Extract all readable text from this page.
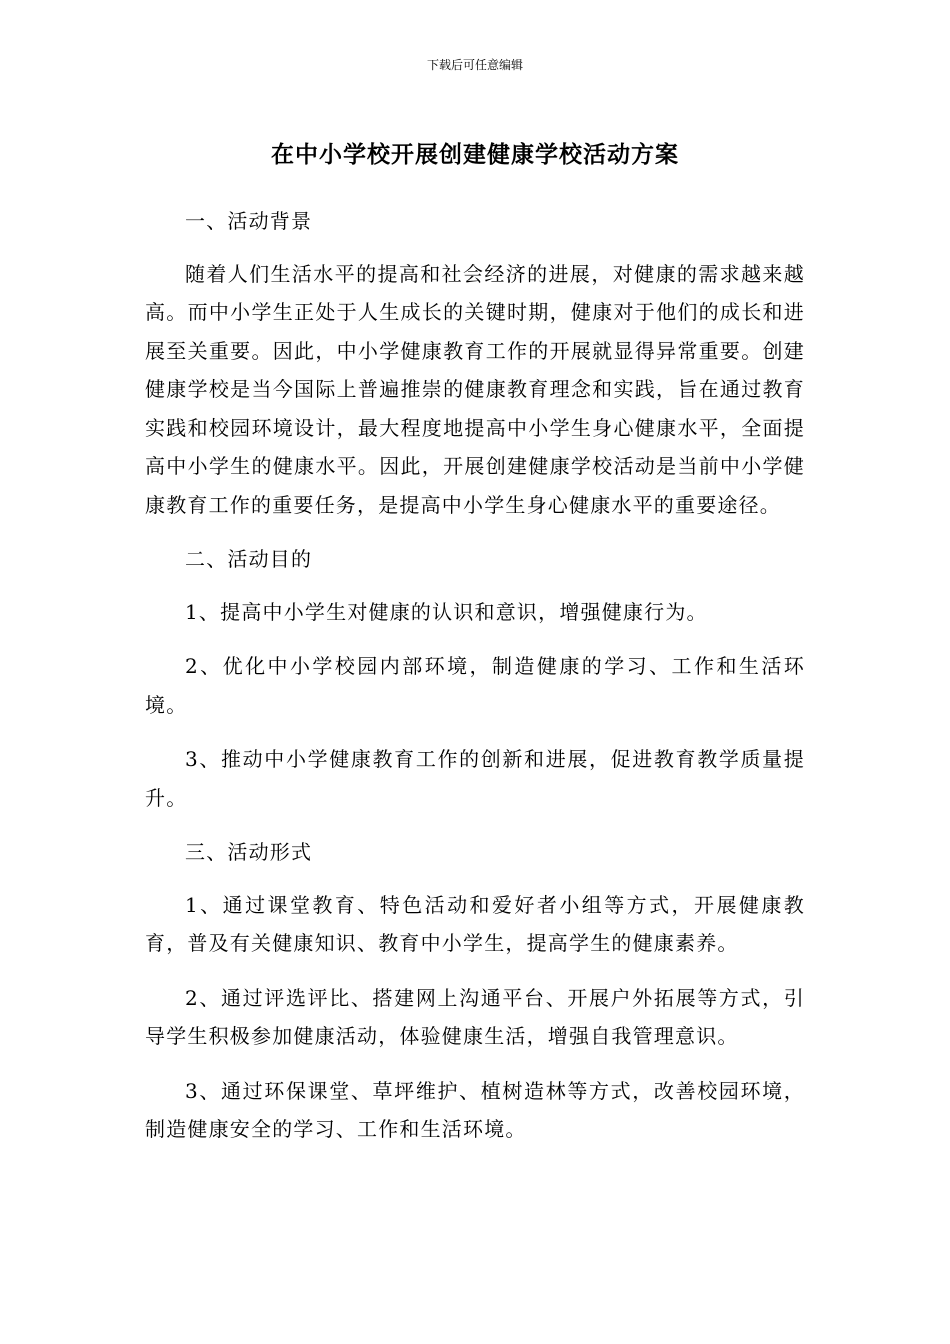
下载后可任意编辑
在中小学校开展创建健康学校活动方案

一、活动背景

随着人们生活水平的提高和社会经济的进展，对健康的需求越来越高。而中小学生正处于人生成长的关键时期，健康对于他们的成长和进展至关重要。因此，中小学健康教育工作的开展就显得异常重要。创建健康学校是当今国际上普遍推崇的健康教育理念和实践，旨在通过教育实践和校园环境设计，最大程度地提高中小学生身心健康水平，全面提高中小学生的健康水平。因此，开展创建健康学校活动是当前中小学健康教育工作的重要任务，是提高中小学生身心健康水平的重要途径。

二、活动目的

1、提高中小学生对健康的认识和意识，增强健康行为。

2、优化中小学校园内部环境，制造健康的学习、工作和生活环境。

3、推动中小学健康教育工作的创新和进展，促进教育教学质量提升。

三、活动形式

1、通过课堂教育、特色活动和爱好者小组等方式，开展健康教育，普及有关健康知识、教育中小学生，提高学生的健康素养。

2、通过评选评比、搭建网上沟通平台、开展户外拓展等方式，引导学生积极参加健康活动，体验健康生活，增强自我管理意识。

3、通过环保课堂、草坪维护、植树造林等方式，改善校园环境，制造健康安全的学习、工作和生活环境。
